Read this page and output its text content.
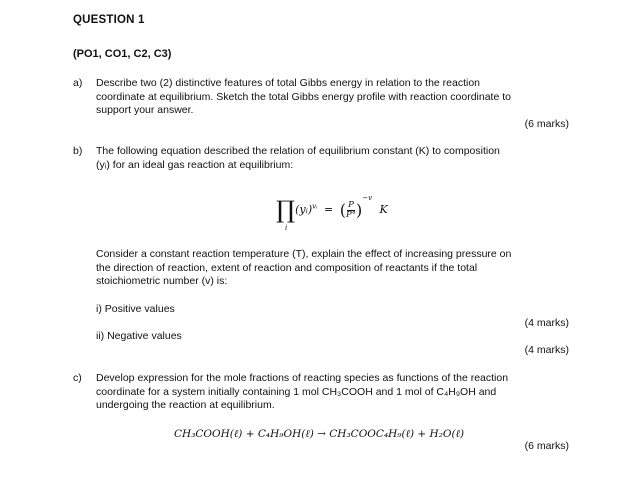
QUESTION 1
(PO1, CO1, C2, C3)
a) Describe two (2) distinctive features of total Gibbs energy in relation to the reaction
coordinate at equilibrium. Sketch the total Gibbs energy profile with reaction coordinate to
support your answer.
(6 marks)
b) The following equation described the relation of equilibrium constant (K) to composition
(yᵢ) for an ideal gas reaction at equilibrium:
∏(yᵢ)$^{vᵢ}$ = ( $\frac{P}{P^\circ} )^{-v}$ K
i
Consider a constant reaction temperature (T), explain the effect of increasing pressure on
the direction of reaction, extent of reaction and composition of reactants if the total
stoichiometric number (v) is:
i) Positive values
(4 marks)
ii) Negative values
(4 marks)
c) Develop expression for the mole fractions of reacting species as functions of the reaction
coordinate for a system initially containing 1 mol CH₃COOH and 1 mol of C₄H₉OH and
undergoing the reaction at equilibrium.
CH₃COOH(ℓ) + C₄H₉OH(ℓ) → CH₃COOC₄H₉(ℓ) + H₂O(ℓ)
(6 marks)
